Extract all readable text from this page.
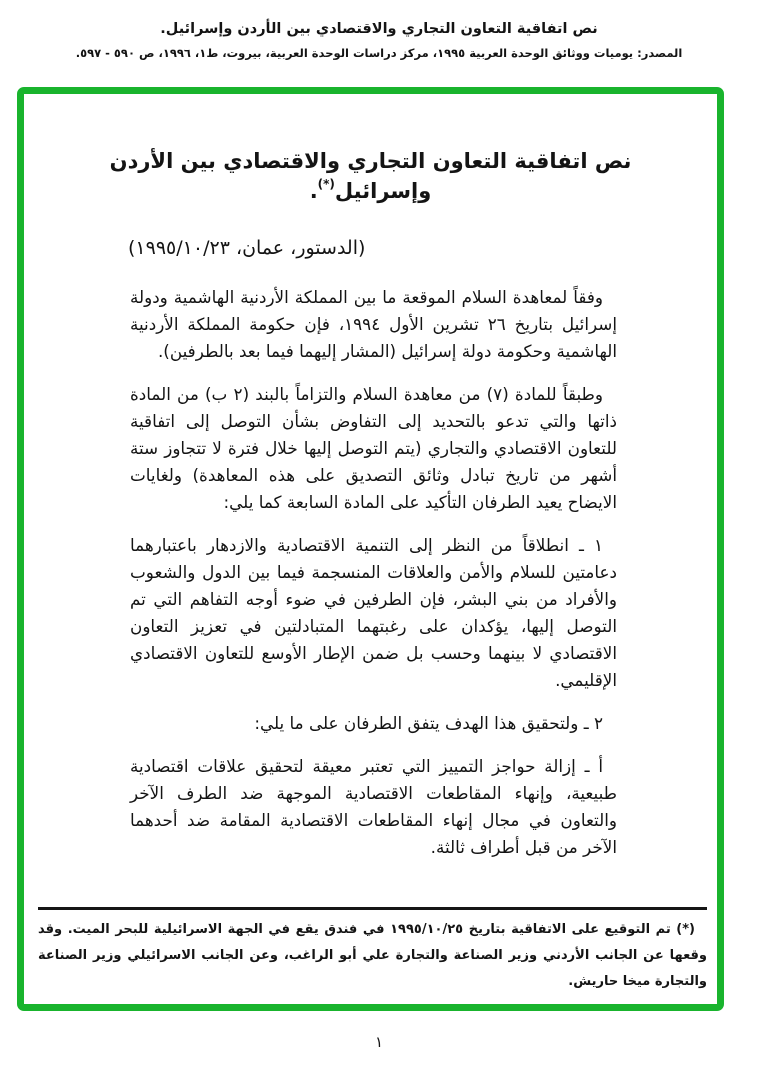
نص اتفاقية التعاون التجاري والاقتصادي بين الأردن وإسرائيل.
المصدر: يوميات ووثائق الوحدة العربية ١٩٩٥، مركز دراسات الوحدة العربية، بيروت، ط١، ١٩٩٦، ص ٥٩٠ - ٥٩٧.
نص اتفاقية التعاون التجاري والاقتصادي بين الأردن وإسرائيل(*).
(الدستور، عمان، ٢٣/‏١٠/‏١٩٩٥)

وفقاً لمعاهدة السلام الموقعة ما بين المملكة الأردنية الهاشمية ودولة إسرائيل بتاريخ ٢٦ تشرين الأول ١٩٩٤، فإن حكومة المملكة الأردنية الهاشمية وحكومة دولة إسرائيل (المشار إليهما فيما بعد بالطرفين).

وطبقاً للمادة (٧) من معاهدة السلام والتزاماً بالبند (٢ ب) من المادة ذاتها والتي تدعو بالتحديد إلى التفاوض بشأن التوصل إلى اتفاقية للتعاون الاقتصادي والتجاري (يتم التوصل إليها خلال فترة لا تتجاوز ستة أشهر من تاريخ تبادل وثائق التصديق على هذه المعاهدة) ولغايات الايضاح يعيد الطرفان التأكيد على المادة السابعة كما يلي:

١ ـ انطلاقاً من النظر إلى التنمية الاقتصادية والازدهار باعتبارهما دعامتين للسلام والأمن والعلاقات المنسجمة فيما بين الدول والشعوب والأفراد من بني البشر، فإن الطرفين في ضوء أوجه التفاهم التي تم التوصل إليها، يؤكدان على رغبتهما المتبادلتين في تعزيز التعاون الاقتصادي لا بينهما وحسب بل ضمن الإطار الأوسع للتعاون الاقتصادي الإقليمي.

٢ ـ ولتحقيق هذا الهدف يتفق الطرفان على ما يلي:

أ ـ إزالة حواجز التمييز التي تعتبر معيقة لتحقيق علاقات اقتصادية طبيعية، وإنهاء المقاطعات الاقتصادية الموجهة ضد الطرف الآخر والتعاون في مجال إنهاء المقاطعات الاقتصادية المقامة ضد أحدهما الآخر من قبل أطراف ثالثة.

(*) تم التوقيع على الاتفاقية بتاريخ ٢٥/‏١٠/‏١٩٩٥ في فندق يقع في الجهة الاسرائيلية للبحر الميت. وقد وقعها عن الجانب الأردني وزير الصناعة والتجارة علي أبو الراغب، وعن الجانب الاسرائيلي وزير الصناعة والتجارة ميخا حاريش.
١
